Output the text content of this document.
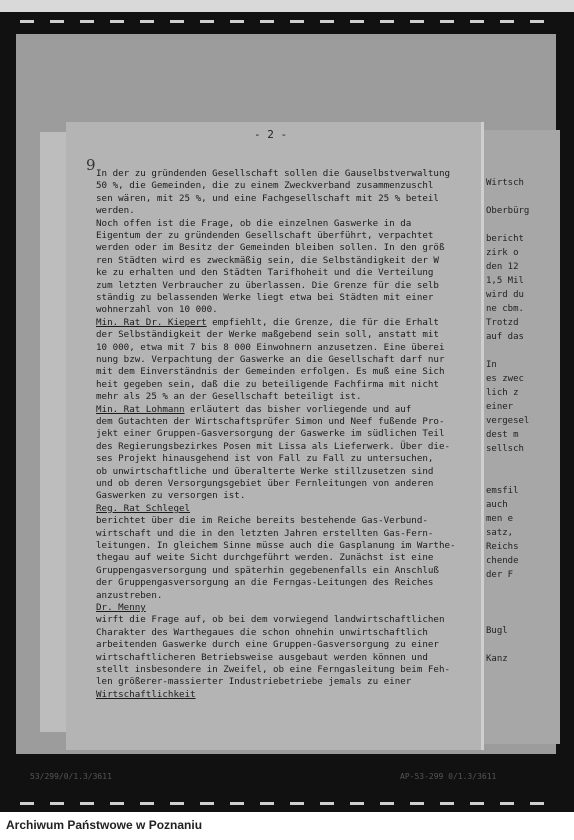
Wirtsch
Oberbürg
bericht
zirk o
den 12
1,5 Mil
wird du
ne cbm.
Trotzd
auf das
In
es zwec
lich z
einer
vergesel
dest m
sellsch
emsfil
auch
men e
satz,
Reichs
chende
der F
Bugl
Kanz
- 2 -
9 In der zu gründenden Gesellschaft sollen die Gauselbstverwaltung
50 %, die Gemeinden, die zu einem Zweckverband zusammenzuschl
sen wären, mit 25 %, und eine Fachgesellschaft mit 25 % beteil
werden.
Noch offen ist die Frage, ob die einzelnen Gaswerke in da
Eigentum der zu gründenden Gesellschaft überführt, verpachtet
werden oder im Besitz der Gemeinden bleiben sollen. In den größ
ren Städten wird es zweckmäßig sein, die Selbständigkeit der W
ke zu erhalten und den Städten Tarifhoheit und die Verteilung
zum letzten Verbraucher zu überlassen. Die Grenze für die selb
ständig zu belassenden Werke liegt etwa bei Städten mit einer
wohnerzahl von 10 000.
Min. Rat Dr. Kiepert empfiehlt, die Grenze, die für die Erhalt
der Selbständigkeit der Werke maßgebend sein soll, anstatt mit
10 000, etwa mit 7 bis 8 000 Einwohnern anzusetzen. Eine überei
nung bzw. Verpachtung der Gaswerke an die Gesellschaft darf nur
mit dem Einverständnis der Gemeinden erfolgen. Es muß eine Sich
heit gegeben sein, daß die zu beteiligende Fachfirma mit nicht
mehr als 25 % an der Gesellschaft beteiligt ist.
Min. Rat Lohmann erläutert das bisher vorliegende und auf
dem Gutachten der Wirtschaftsprüfer Simon und Neef fußende Pro-
jekt einer Gruppen-Gasversorgung der Gaswerke im südlichen Teil
des Regierungsbezirkes Posen mit Lissa als Lieferwerk. Über die-
ses Projekt hinausgehend ist von Fall zu Fall zu untersuchen,
ob unwirtschaftliche und überalterte Werke stillzusetzen sind
und ob deren Versorgungsgebiet über Fernleitungen von anderen
Gaswerken zu versorgen ist.
Reg. Rat Schlegel
berichtet über die im Reiche bereits bestehende Gas-Verbund-
wirtschaft und die in den letzten Jahren erstellten Gas-Fern-
leitungen. In gleichem Sinne müsse auch die Gasplanung im Warthe-
thegau auf weite Sicht durchgeführt werden. Zunächst ist eine
Gruppengasversorgung und späterhin gegebenenfalls ein Anschluß
der Gruppengasversorgung an die Ferngas-Leitungen des Reiches
anzustreben.
Dr. Menny
wirft die Frage auf, ob bei dem vorwiegend landwirtschaftlichen
Charakter des Warthegaues die schon ohnehin unwirtschaftlich
arbeitenden Gaswerke durch eine Gruppen-Gasversorgung zu einer
wirtschaftlicheren Betriebsweise ausgebaut werden können und
stellt insbesondere in Zweifel, ob eine Ferngasleitung beim Feh-
len größerer-massierter Industriebetriebe jemals zu einer
Wirtschaftlichkeit
53/299/0/1.3/3611	AP-53-299 0/1.3/3611
Archiwum Państwowe w Poznaniu
